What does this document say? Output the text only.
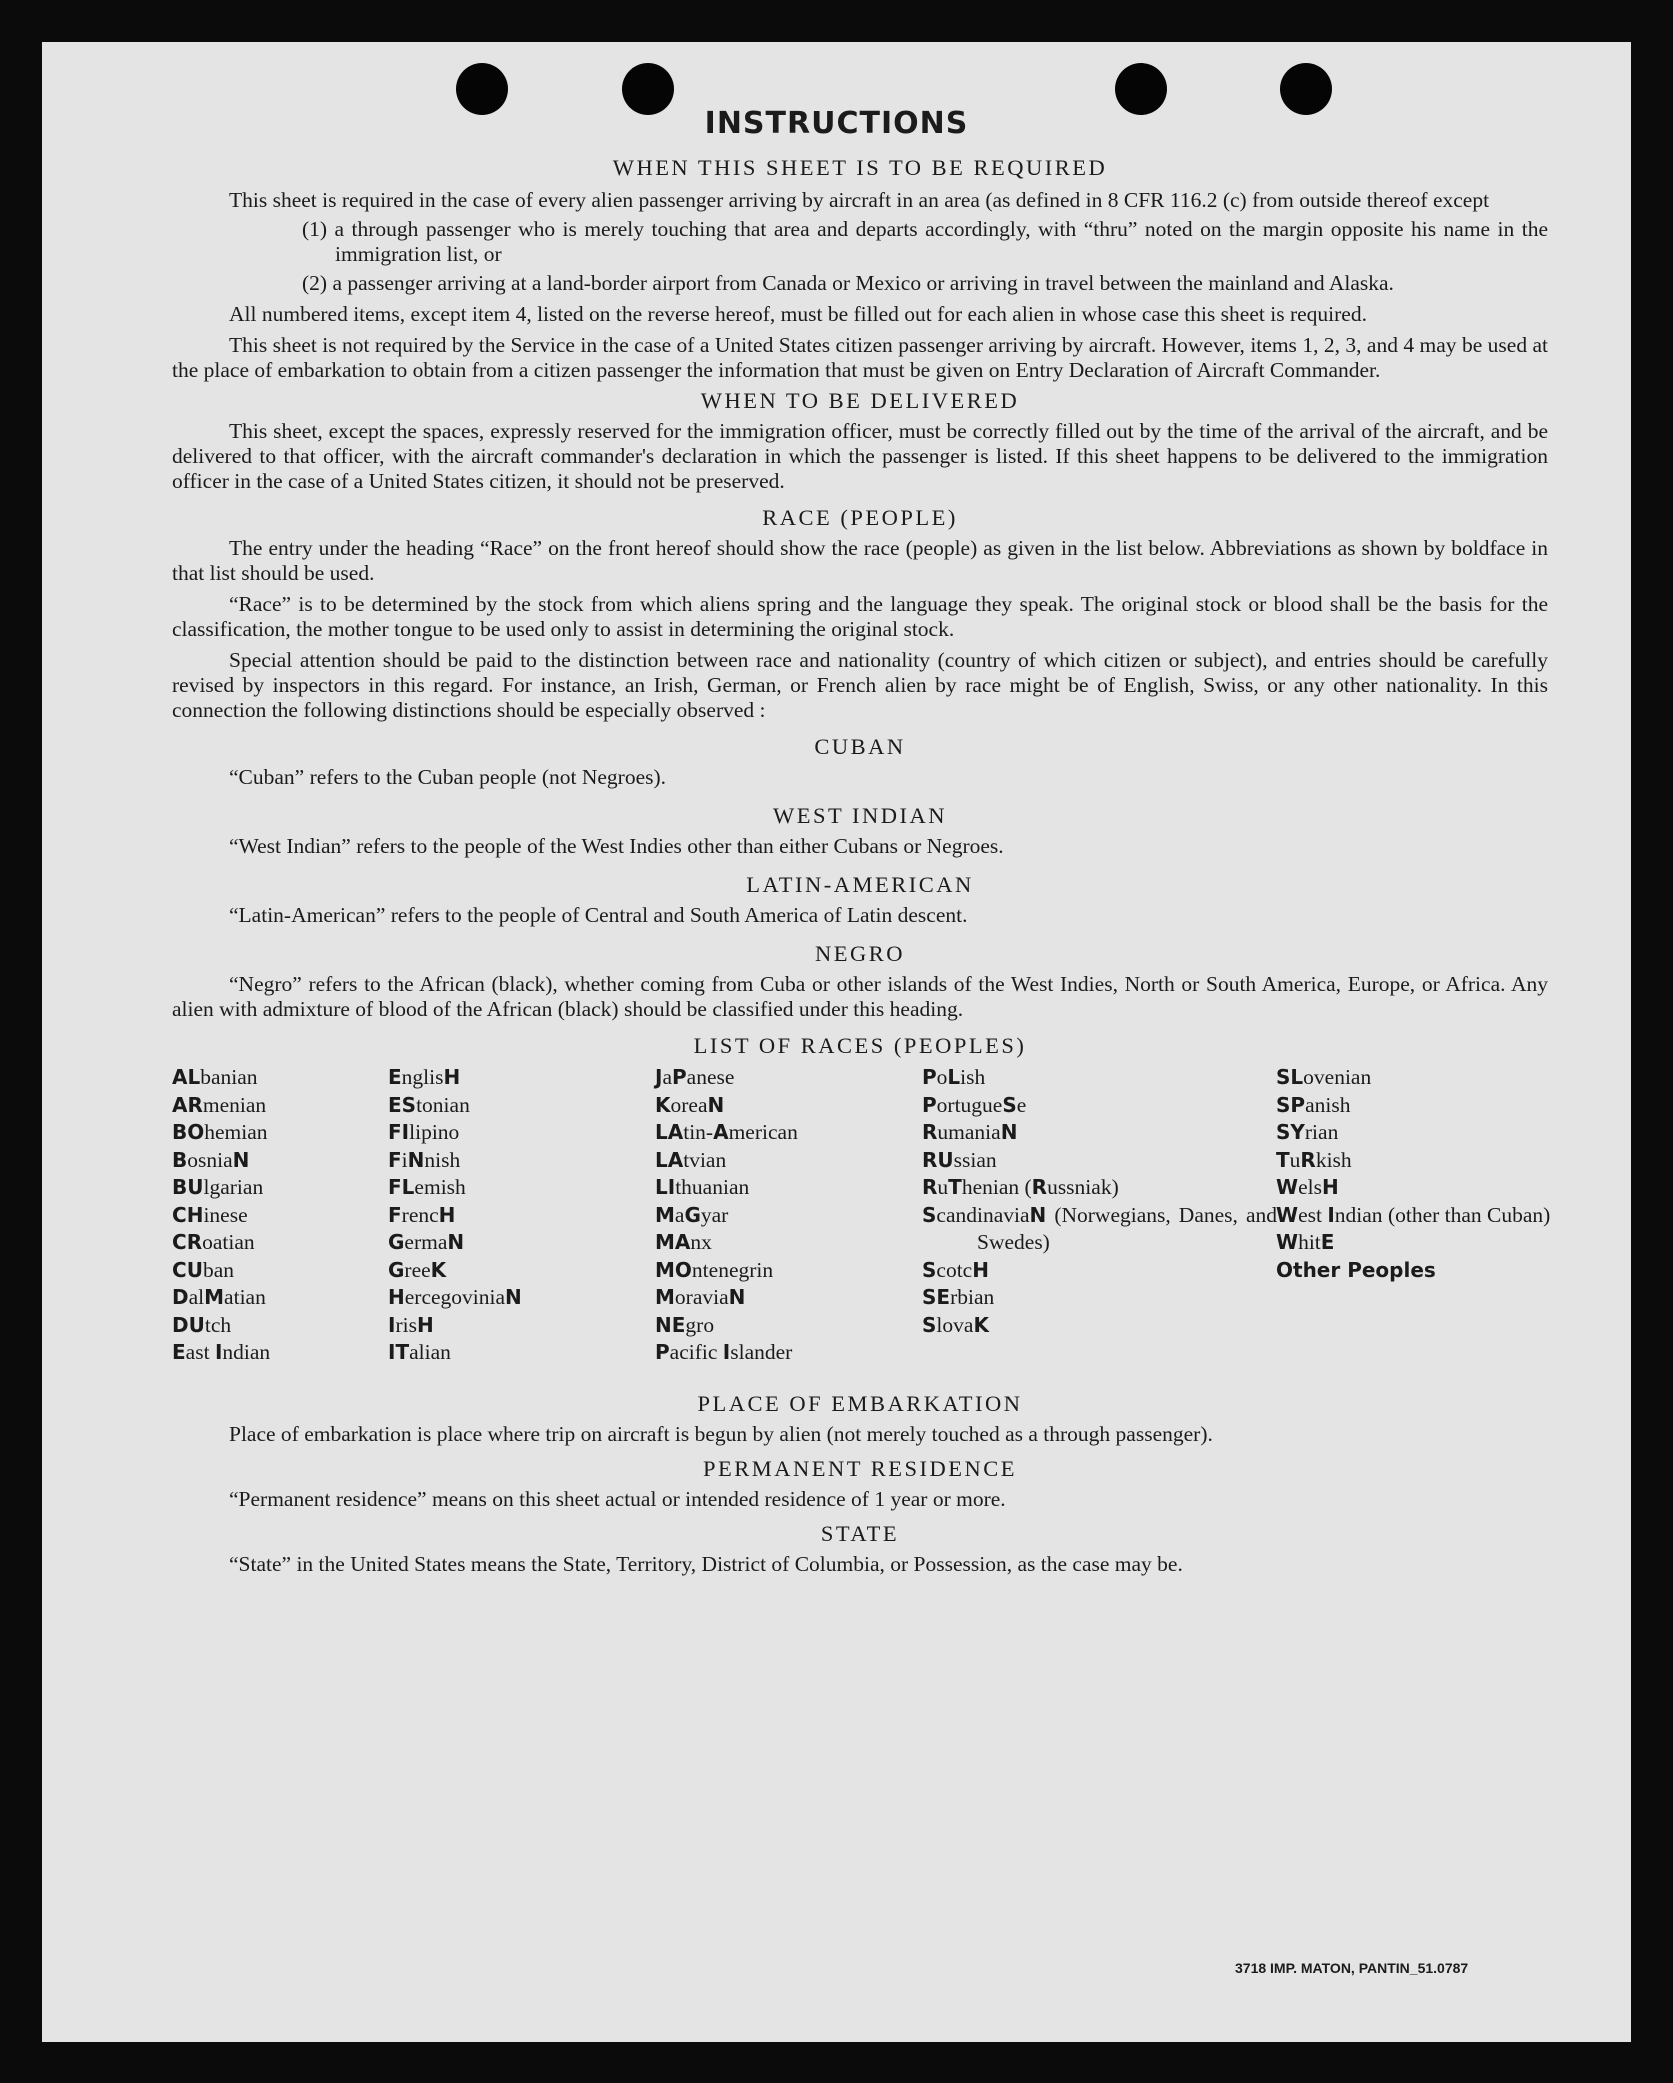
INSTRUCTIONS
WHEN THIS SHEET IS TO BE REQUIRED

This sheet is required in the case of every alien passenger arriving by aircraft in an area (as defined in 8 CFR 116.2 (c) from outside thereof except

(1) a through passenger who is merely touching that area and departs accordingly, with “thru” noted on the margin opposite his name in the immigration list, or

(2) a passenger arriving at a land-border airport from Canada or Mexico or arriving in travel between the mainland and Alaska.

All numbered items, except item 4, listed on the reverse hereof, must be filled out for each alien in whose case this sheet is required.

This sheet is not required by the Service in the case of a United States citizen passenger arriving by aircraft. However, items 1, 2, 3, and 4 may be used at the place of embarkation to obtain from a citizen passenger the information that must be given on Entry Declaration of Aircraft Commander.

WHEN TO BE DELIVERED

This sheet, except the spaces, expressly reserved for the immigration officer, must be correctly filled out by the time of the arrival of the aircraft, and be delivered to that officer, with the aircraft commander's declaration in which the passenger is listed. If this sheet happens to be delivered to the immigration officer in the case of a United States citizen, it should not be preserved.

RACE (PEOPLE)

The entry under the heading “Race” on the front hereof should show the race (people) as given in the list below. Abbreviations as shown by boldface in that list should be used.

“Race” is to be determined by the stock from which aliens spring and the language they speak. The original stock or blood shall be the basis for the classification, the mother tongue to be used only to assist in determining the original stock.

Special attention should be paid to the distinction between race and nationality (country of which citizen or subject), and entries should be carefully revised by inspectors in this regard. For instance, an Irish, German, or French alien by race might be of English, Swiss, or any other nationality. In this connection the following distinctions should be especially observed :

CUBAN

“Cuban” refers to the Cuban people (not Negroes).

WEST INDIAN

“West Indian” refers to the people of the West Indies other than either Cubans or Negroes.

LATIN-AMERICAN

“Latin-American” refers to the people of Central and South America of Latin descent.

NEGRO

“Negro” refers to the African (black), whether coming from Cuba or other islands of the West Indies, North or South America, Europe, or Africa. Any alien with admixture of blood of the African (black) should be classified under this heading.

LIST OF RACES (PEOPLES)
ALbanian
ARmenian
BOhemian
BosniaN
BUlgarian
CHinese
CRoatian
CUban
DalMatian
DUtch
East Indian
EnglisH
EStonian
FIlipino
FiNnish
FLemish
FrencH
GermaN
GreeK
HercegoviniaN
IrisH
ITalian
JaPanese
KoreaN
LAtin-American
LAtvian
LIthuanian
MaGyar
MAnx
MOntenegrin
MoraviaN
NEgro
Pacific Islander
PoLish
PortugueSe
RumaniaN
RUssian
RuThenian (Russniak)
ScandinaviaN (Norwegians, Danes, and Swedes)
ScotcH
SErbian
SlovaK
SLovenian
SPanish
SYrian
TuRkish
WelsH
West Indian (other than Cuban)
WhitE
Other Peoples
PLACE OF EMBARKATION

Place of embarkation is place where trip on aircraft is begun by alien (not merely touched as a through passenger).

PERMANENT RESIDENCE

“Permanent residence” means on this sheet actual or intended residence of 1 year or more.

STATE

“State” in the United States means the State, Territory, District of Columbia, or Possession, as the case may be.

3718 IMP. MATON, PANTIN_51.0787
